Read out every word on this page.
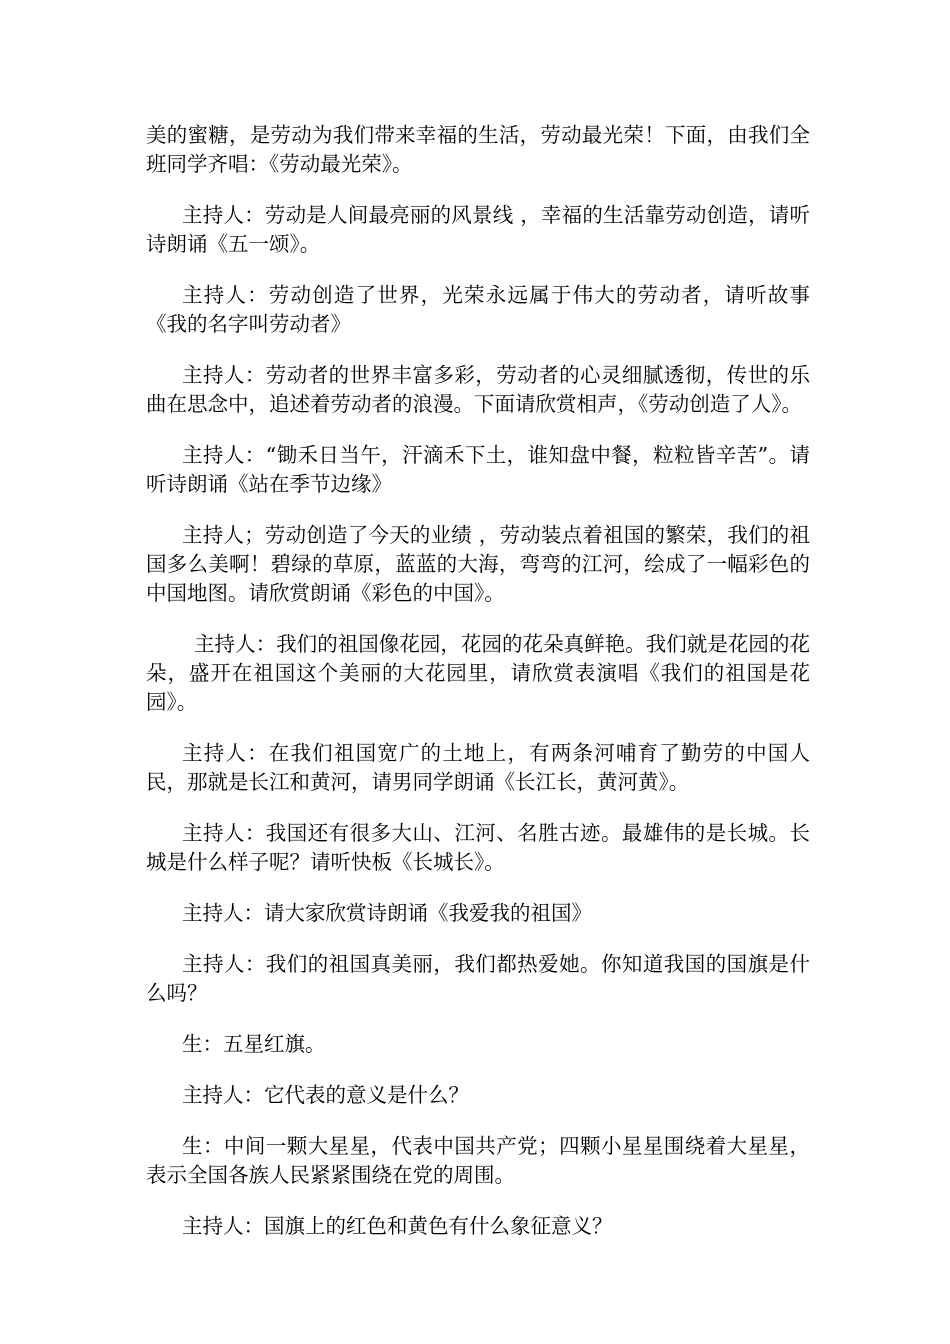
美的蜜糖，是劳动为我们带来幸福的生活，劳动最光荣！下面，由我们全班同学齐唱：《劳动最光荣》。

主持人：劳动是人间最亮丽的风景线 ，幸福的生活靠劳动创造，请听诗朗诵《五一颂》。

主持人：劳动创造了世界，光荣永远属于伟大的劳动者，请听故事《我的名字叫劳动者》

主持人：劳动者的世界丰富多彩，劳动者的心灵细腻透彻，传世的乐曲在思念中，追述着劳动者的浪漫。下面请欣赏相声，《劳动创造了人》。

主持人：“锄禾日当午，汗滴禾下土，谁知盘中餐，粒粒皆辛苦”。请听诗朗诵《站在季节边缘》

主持人；劳动创造了今天的业绩 ，劳动装点着祖国的繁荣，我们的祖国多么美啊！碧绿的草原，蓝蓝的大海，弯弯的江河，绘成了一幅彩色的中国地图。请欣赏朗诵《彩色的中国》。

主持人：我们的祖国像花园，花园的花朵真鲜艳。我们就是花园的花朵，盛开在祖国这个美丽的大花园里，请欣赏表演唱《我们的祖国是花园》。

主持人：在我们祖国宽广的土地上，有两条河哺育了勤劳的中国人民，那就是长江和黄河，请男同学朗诵《长江长，黄河黄》。

主持人：我国还有很多大山、江河、名胜古迹。最雄伟的是长城。长城是什么样子呢？请听快板《长城长》。

主持人：请大家欣赏诗朗诵《我爱我的祖国》

主持人：我们的祖国真美丽，我们都热爱她。你知道我国的国旗是什么吗？

生：五星红旗。

主持人：它代表的意义是什么？

生：中间一颗大星星，代表中国共产党；四颗小星星围绕着大星星，表示全国各族人民紧紧围绕在党的周围。

主持人：国旗上的红色和黄色有什么象征意义？
